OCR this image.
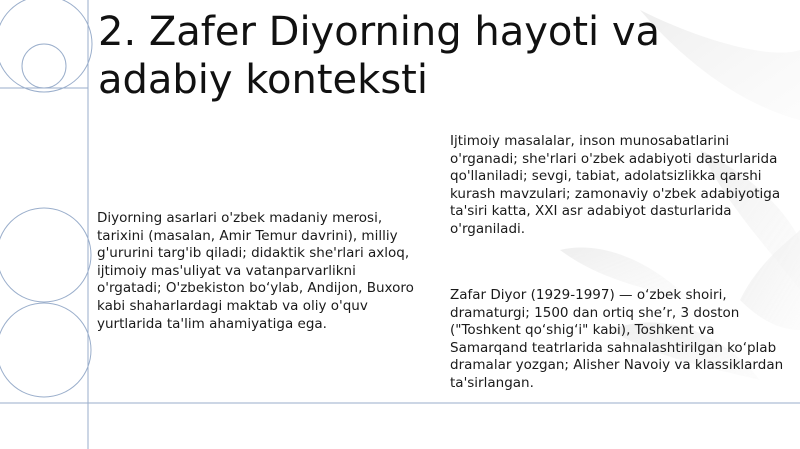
2. Zafer Diyorning hayoti va adabiy konteksti

Diyorning asarlari o'zbek madaniy merosi, tarixini (masalan, Amir Temur davrini), milliy g'ururini targ'ib qiladi; didaktik she'rlari axloq, ijtimoiy mas'uliyat va vatanparvarlikni o'rgatadi; O'zbekiston bo‘ylab, Andijon, Buxoro kabi shaharlardagi maktab va oliy o'quv yurtlarida ta'lim ahamiyatiga ega.

Ijtimoiy masalalar, inson munosabatlarini o'rganadi; she'rlari o'zbek adabiyoti dasturlarida qo'llaniladi; sevgi, tabiat, adolatsizlikka qarshi kurash mavzulari; zamonaviy o'zbek adabiyotiga ta'siri katta, XXI asr adabiyot dasturlarida o'rganiladi.

Zafar Diyor (1929-1997) — o‘zbek shoiri, dramaturgi; 1500 dan ortiq she’r, 3 doston ("Toshkent qo‘shig‘i" kabi), Toshkent va Samarqand teatrlarida sahnalashtirilgan ko‘plab dramalar yozgan; Alisher Navoiy va klassiklardan ta'sirlangan.
